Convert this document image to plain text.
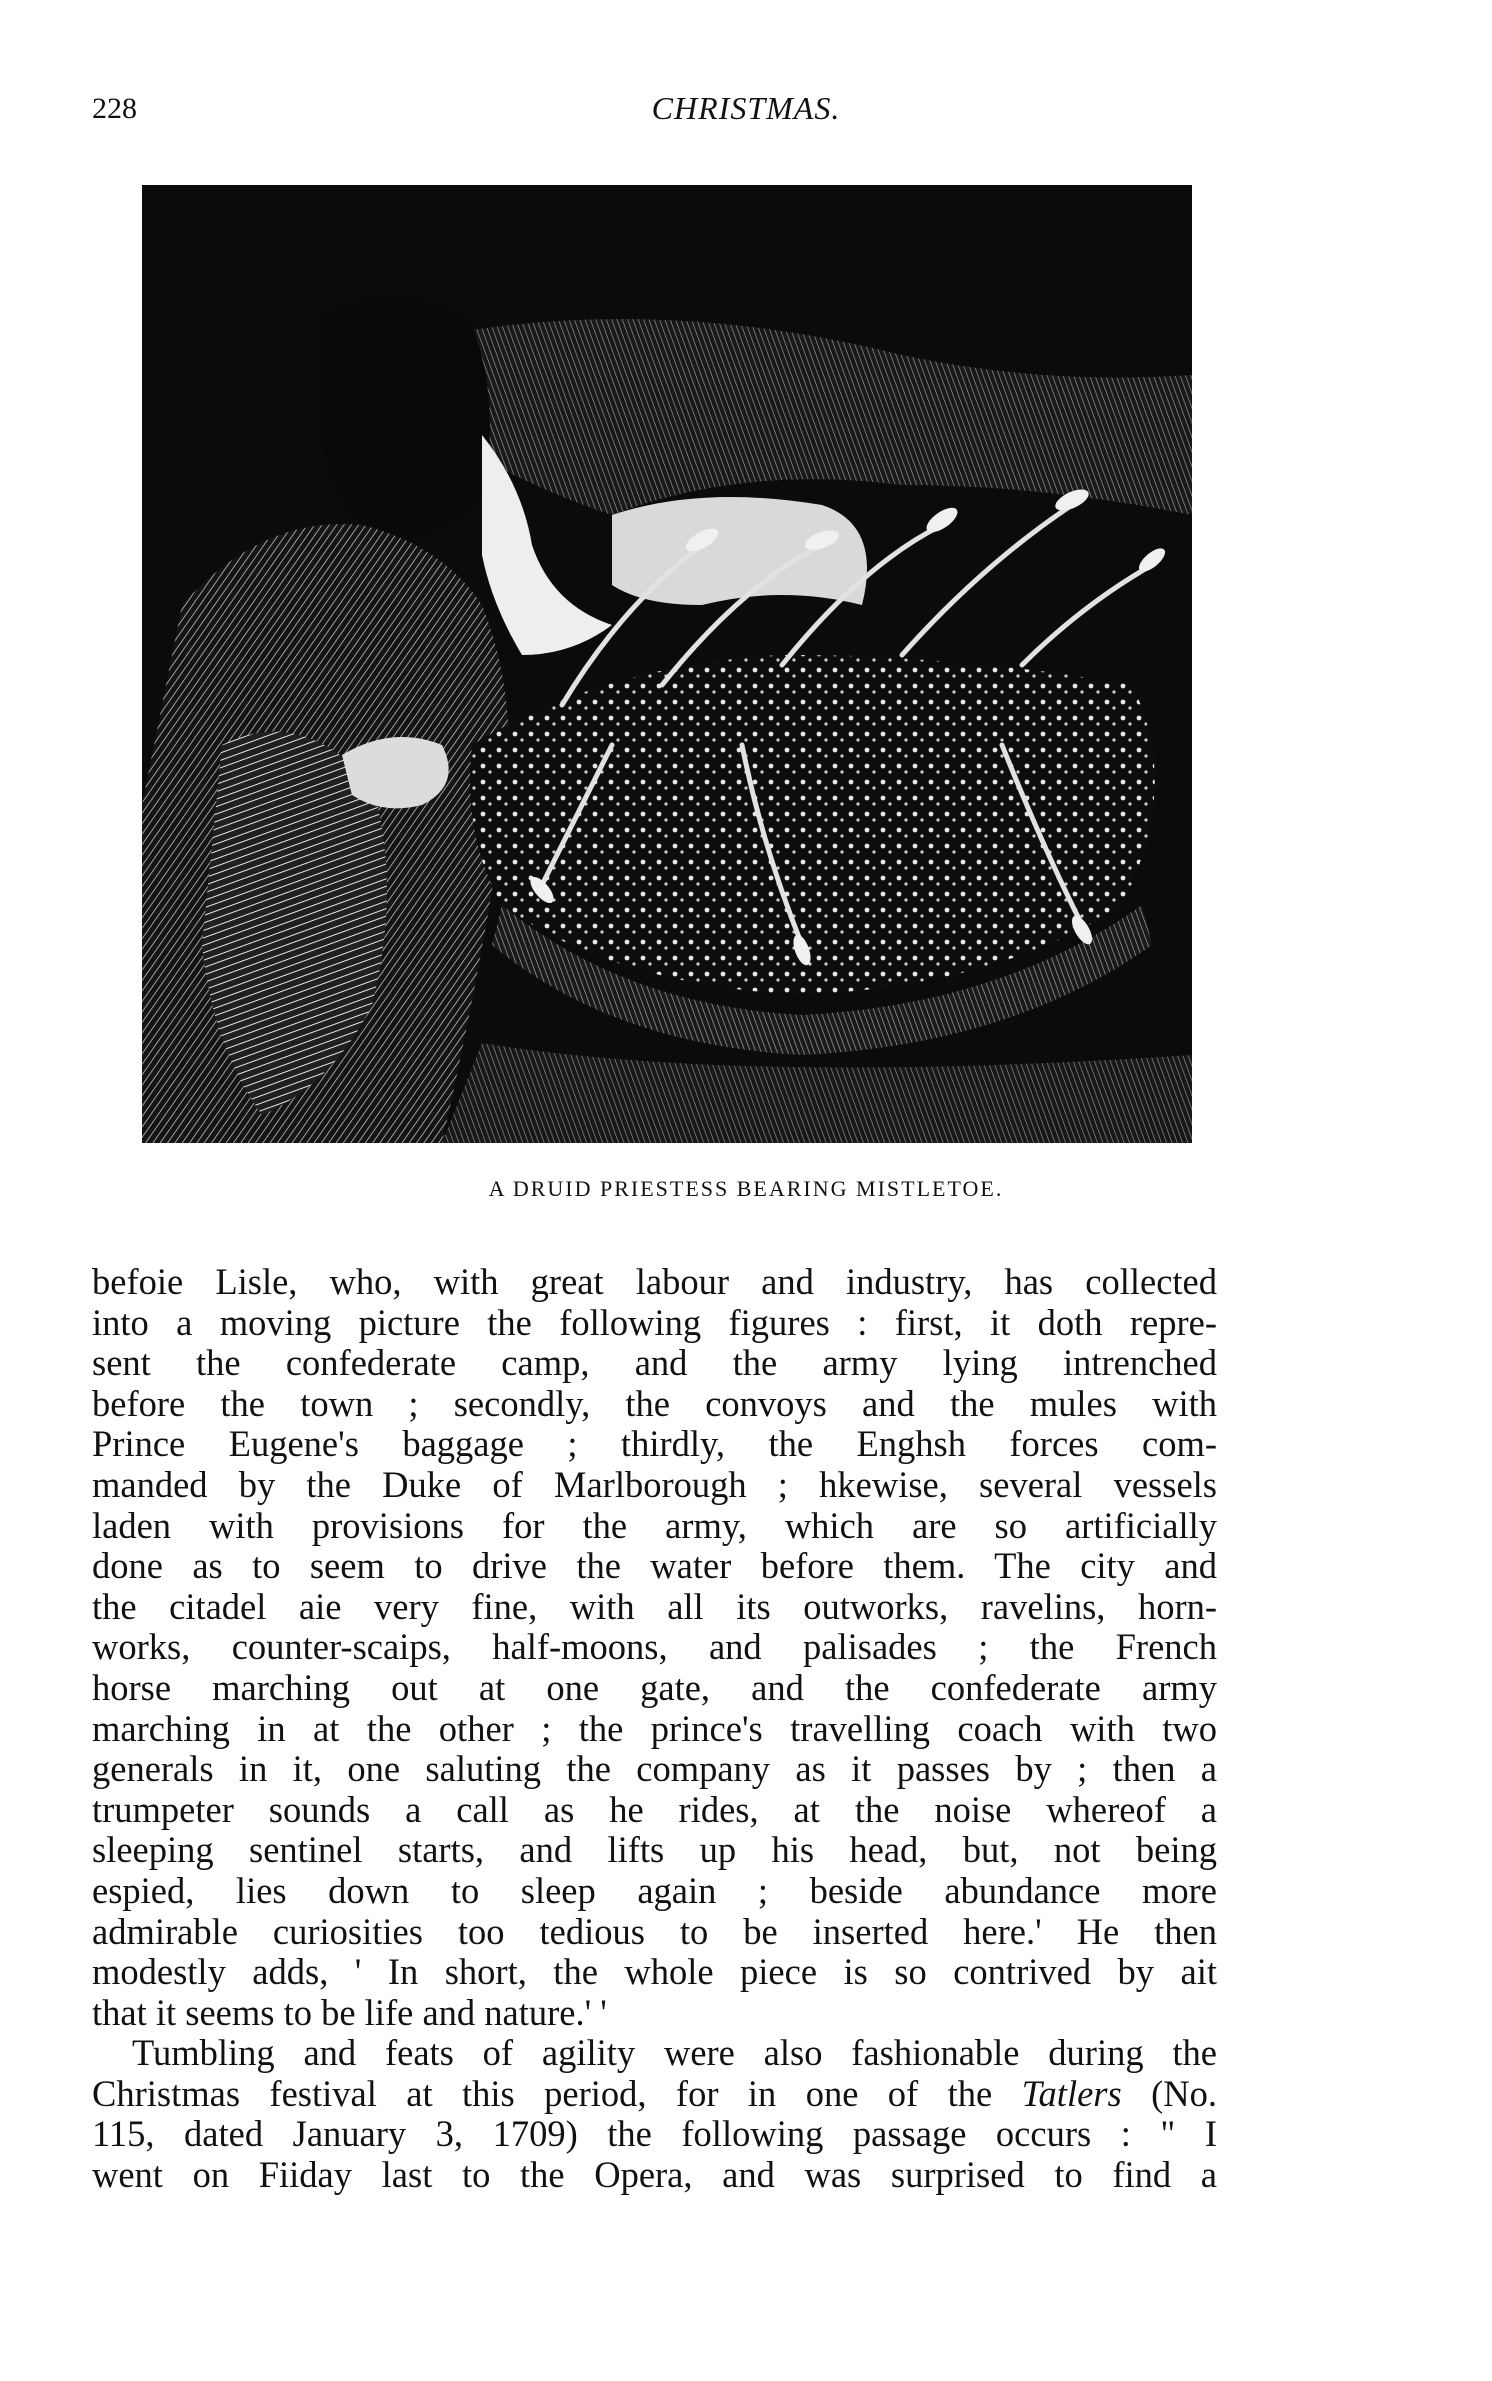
228	CHRISTMAS.
A DRUID PRIESTESS BEARING MISTLETOE.
befoie Lisle, who, with great labour and industry, has collected
into a moving picture the following figures : first, it doth repre-
sent the confederate camp, and the army lying intrenched
before the town ; secondly, the convoys and the mules with
Prince Eugene's baggage ; thirdly, the Enghsh forces com-
manded by the Duke of Marlborough ; hkewise, several vessels
laden with provisions for the army, which are so artificially
done as to seem to drive the water before them. The city and
the citadel aie very fine, with all its outworks, ravelins, horn-
works, counter-scaips, half-moons, and palisades ; the French
horse marching out at one gate, and the confederate army
marching in at the other ; the prince's travelling coach with two
generals in it, one saluting the company as it passes by ; then a
trumpeter sounds a call as he rides, at the noise whereof a
sleeping sentinel starts, and lifts up his head, but, not being
espied, lies down to sleep again ; beside abundance more
admirable curiosities too tedious to be inserted here.' He then
modestly adds, ' In short, the whole piece is so contrived by ait
that it seems to be life and nature.' '
Tumbling and feats of agility were also fashionable during the
Christmas festival at this period, for in one of the Tatlers (No.
115, dated January 3, 1709) the following passage occurs : " I
went on Fiiday last to the Opera, and was surprised to find a
